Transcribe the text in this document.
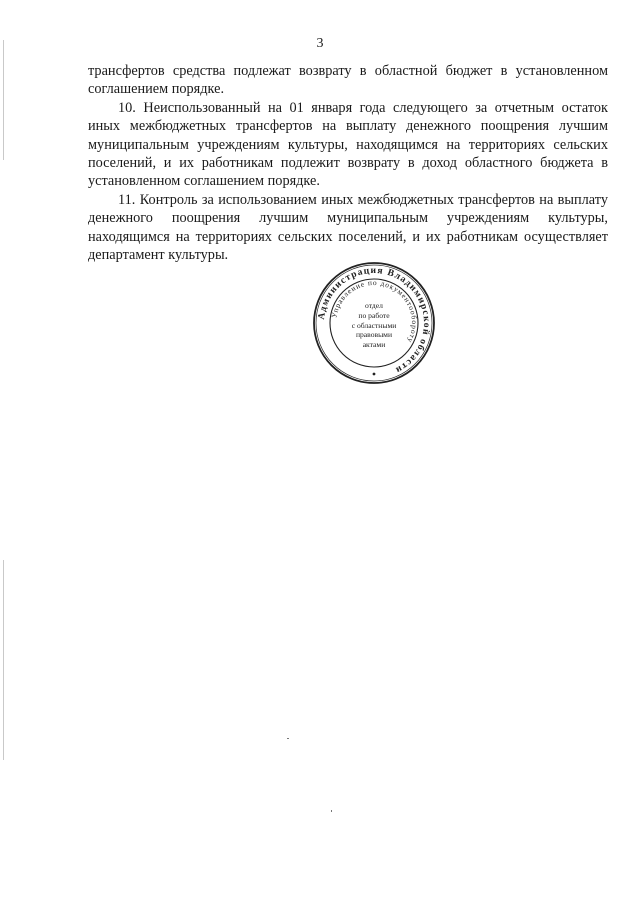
3

трансфертов средства подлежат возврату в областной бюджет в установленном соглашением порядке.

10. Неиспользованный на 01 января года следующего за отчетным остаток иных межбюджетных трансфертов на выплату денежного поощрения лучшим муниципальным учреждениям культуры, находящимся на территориях сельских поселений, и их работникам подлежит возврату в доход областного бюджета в установленном соглашением порядке.

11. Контроль за использованием иных межбюджетных трансфертов на выплату денежного поощрения лучшим муниципальным учреждениям культуры, находящимся на территориях сельских поселений, и их работникам осуществляет департамент культуры.

Администрация Владимирской области
Управление по документообороту
отдел
по работе
с областными
правовыми
актами
